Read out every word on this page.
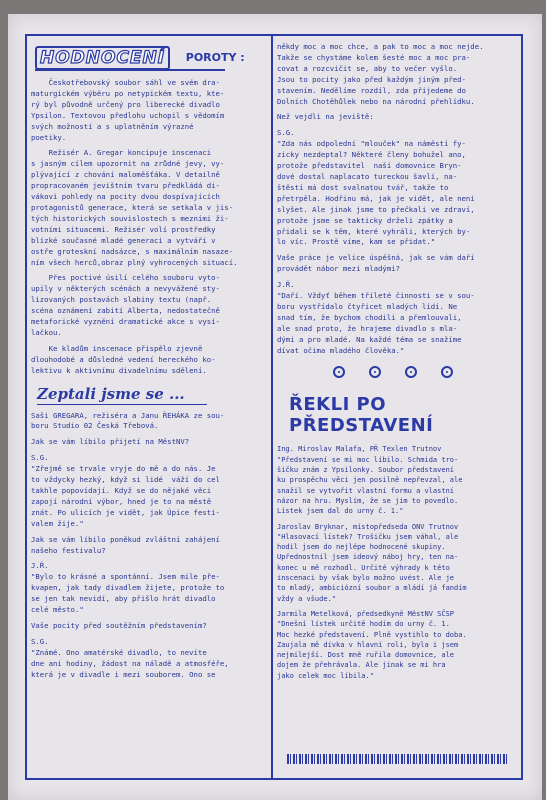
HODNOCENÍ POROTY :

Českotřebovský soubor sáhl ve svém dra-
maturgickém výběru po netypickém textu, kte-
rý byl původně určený pro liberecké divadlo
Ypsilon. Textovou předlohu uchopil s vědomím
svých možností a s uplatněním výrazné
poetiky.

Režisér A. Gregar koncipuje inscenaci
s jasným cílem upozornit na zrůdné jevy, vy-
plývající z chování maloměšťáka. V detailně
propracovaném jevištním tvaru předkládá di-
vákovi pohledy na pocity dvou dospívajících
protagonistů generace, která se setkala v jis-
tých historických souvislostech s mezními ži-
votními situacemi. Režisér volí prostředky
blízké současné mladé generaci a vytváří v
ostře groteskní nadsázce, s maximálním nasaze-
ním všech herců,obraz plný vyhrocených situací.

Přes poctivé úsilí celého souboru vyto-
upily v některých scénách a nevyvážené sty-
lizovaných postavách slabiny textu (např.
scéna oznámení zabití Alberta, nedostatečně
metaforické vyznění dramatické akce s vysí-
lačkou.

Ke kladům inscenace přispělo zjevně
dlouhodobé a důsledné vedení hereckého ko-
lektivu k aktivnímu divadelnímu sdělení.

Zeptali jsme se ...

Saši GREGARA, režisérа a Janu ŘEHÁKA ze sou-
boru Studio 02 Česká Třebová.

Jak se vám líbilo přijetí na MěstNV?

S.G.

"Zřejmě se trvale vryje do mě a do nás. Je
to vždycky hezký, když si lidé  váží do cel
takhle popovídají. Když se do nějaké věci
zapojí národní výbor, hned je to na městě
znát. Po ulicích je vidět, jak Úpice festi-
valem žije."

Jak se vám líbilo poněkud zvláštní zahájení
našeho festivalu?

J.Ř.

"Bylo to krásné a spontánní. Jsem mile pře-
kvapen, jak tady divadlem žijete, protože to
se jen tak nevidí, aby přišlo hrát divadlo
celé město."

Vaše pocity před soutěžním představením?

S.G.

"Známé. Ono amatérské divadlo, to nevíte
dne ani hodiny, žádost na náladě a atmosféře,
která je v divadle i mezi souborem. Ono se

někdy moc a moc chce, a pak to moc a moc nejde.
Takže se chystáme kolem šesté moc a moc pra-
covat a rozcvičit se, aby to večer vyšlo.
Jsou to pocity jako před každým jiným před-
stavením. Nedělíme rozdíl, zda přijedeme do
Dolních Chotěhůlek nebo na národní přehlídku.

Než vejdli na jeviště:

S.G.

"Zda nás odpolední "mlouček" na náměstí fy-
zicky nezdeptal? Některé členy bohužel ano,
protože představitel  naší domovnice Bryn-
dové dostal naplacato tureckou šavlí, na-
štěstí má dost svalnatou tvář, takže to
přetrpěla. Hodřinu má, jak je vidět, ale není
slyšet. Ale jinak jsme to přečkali ve zdraví,
protože jsme se takticky drželi zpátky a
přidali se k těm, které vyhráli, kterých by-
lo víc. Prostě víme, kam se přidat."

Vaše práce je velice úspěšná, jak se vám daří
provádět nábor mezi mladými?

J.Ř.

"Daří. Vždyť během tříleté činnosti se v sou-
boru vystřídalo čtyřicet mladých lidí. Ne
snad tím, že bychom chodili a přemlouvali,
ale snad proto, že hrajeme divadlo s mla-
dými a pro mladé. Na každé téma se snažíme
dívat očima mladého člověka."

ŘEKLI PO PŘEDSTAVENÍ

Ing. Miroslav Malafa, PŘ Texlen Trutnov

"Představení se mi moc líbilo. Schmida tro-
šičku znám z Ypsilonky. Soubor představení
ku prospěchu věci jen posilně nepřevzal, ale
snažil se vytvořit vlastní formu a vlastní
názor na hru. Myslím, že se jim to povedlo.
Lístek jsem dal do urny č. 1."

Jaroslav Bryknar, místopředseda ONV Trutnov

"Hlasovací lístek? Trošičku jsem váhal, ale
hodil jsem do nejlépe hodnocené skupiny.
Upřednostnil jsem ideový náboj hry, ten na-
konec u mě rozhodl. Určité výhrady k této
inscenaci by však bylo možno uvést. Ale je
to mladý, ambiciózní soubor a mládí já fandím
vždy a všude."

Jarmila Metelková, předsedkyně MěstNV SČSP

"Dnešní lístek určitě hodím do urny č. 1.
Moc hezké představení. Plně vystihlo to doba.
Zaujala mě dívka v hlavní roli, byla i jsem
nejmilejší. Dost mně ruřila domovnice, ale
dojem že přehrávala. Ale jinak se mi hra
jako celek moc líbila."
